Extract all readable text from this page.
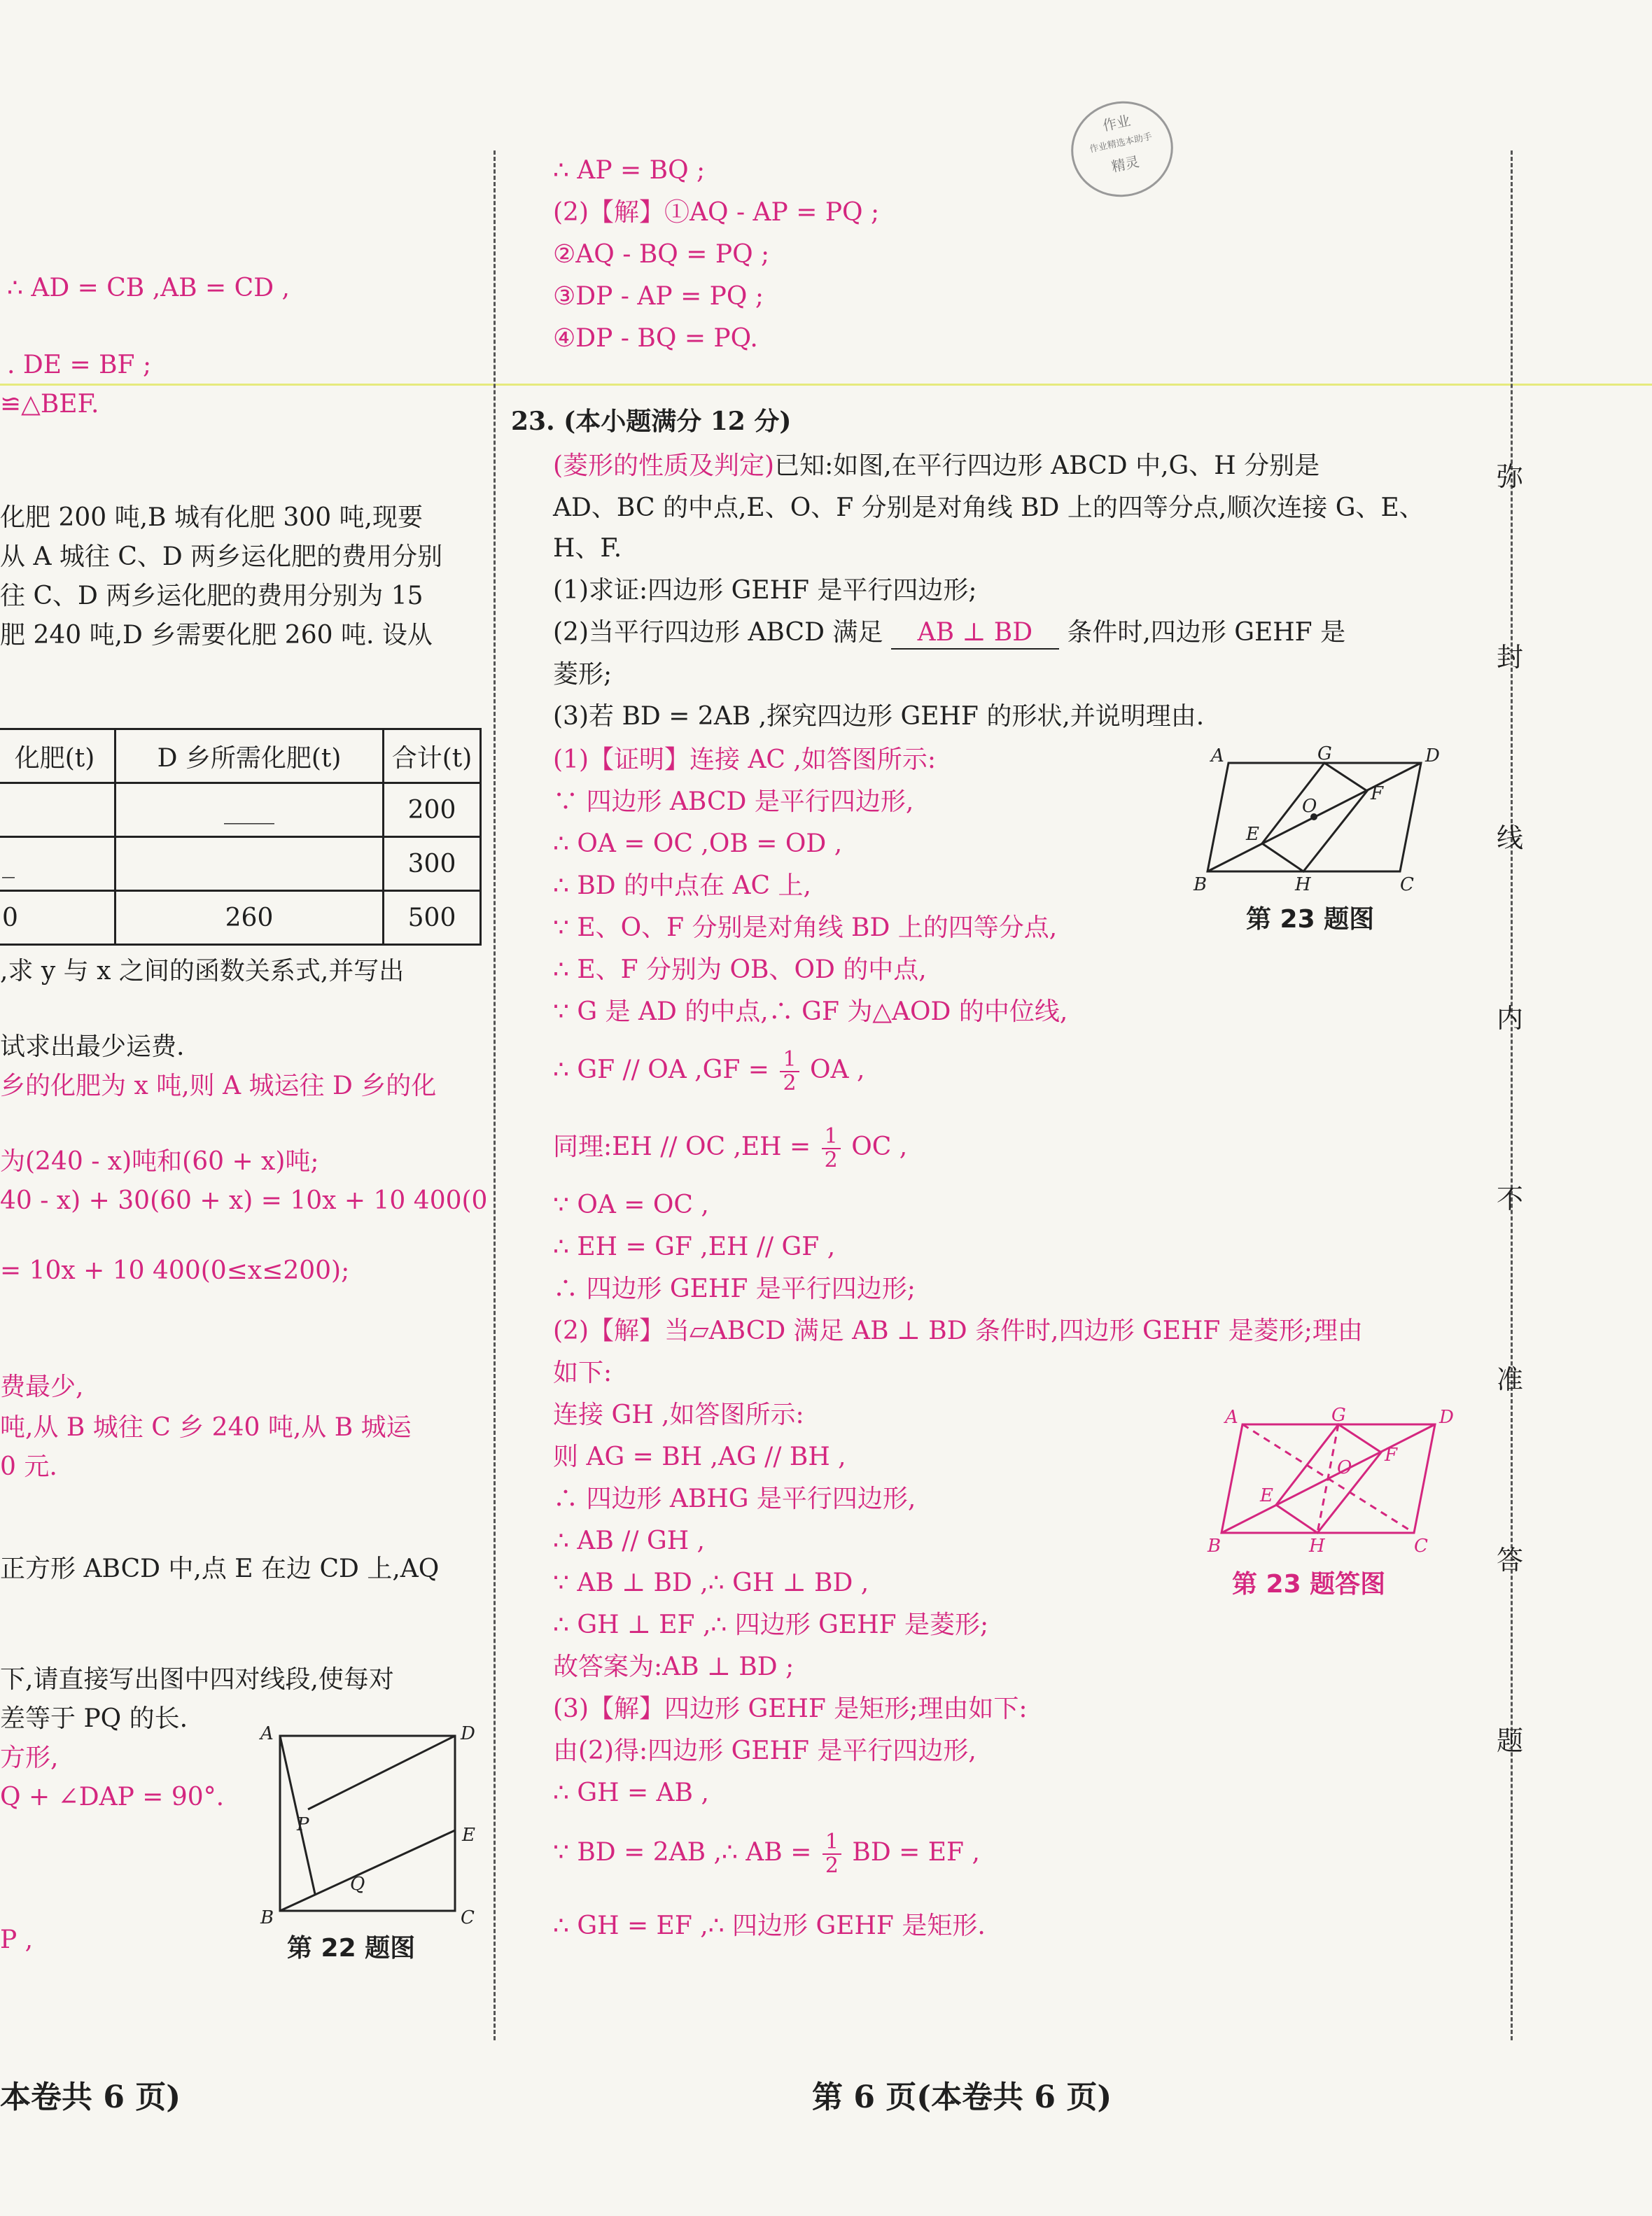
作业
作业精选本助手
精灵
∴ AD = CB ,AB = CD ,
. DE = BF ;
≌△BEF.
化肥 200 吨,B 城有化肥 300 吨,现要
从 A 城往 C、D 两乡运化肥的费用分别
往 C、D 两乡运化肥的费用分别为 15
肥 240 吨,D 乡需要化肥 260 吨. 设从
化肥(t)	D 乡所需化肥(t)	合计(t)
	____	200
_		300
0	260	500
,求 y 与 x 之间的函数关系式,并写出
试求出最少运费.
乡的化肥为 x 吨,则 A 城运往 D 乡的化
为(240 - x)吨和(60 + x)吨;
40 - x) + 30(60 + x) = 10x + 10 400(0
= 10x + 10 400(0≤x≤200);
费最少,
吨,从 B 城往 C 乡 240 吨,从 B 城运
0 元.
正方形 ABCD 中,点 E 在边 CD 上,AQ
下,请直接写出图中四对线段,使每对
差等于 PQ 的长.
方形,
Q + ∠DAP = 90°.
P ,
A	D
B	C
P
Q
E
第 22 题图
∴ AP = BQ ;
(2)【解】①AQ - AP = PQ ;
②AQ - BQ = PQ ;
③DP - AP = PQ ;
④DP - BQ = PQ.
23. (本小题满分 12 分)
(菱形的性质及判定)已知:如图,在平行四边形 ABCD 中,G、H 分别是
AD、BC 的中点,E、O、F 分别是对角线 BD 上的四等分点,顺次连接 G、E、
H、F.
(1)求证:四边形 GEHF 是平行四边形;
(2)当平行四边形 ABCD 满足 AB ⊥ BD 条件时,四边形 GEHF 是
菱形;
(3)若 BD = 2AB ,探究四边形 GEHF 的形状,并说明理由.
(1)【证明】连接 AC ,如答图所示:
∵ 四边形 ABCD 是平行四边形,
∴ OA = OC ,OB = OD ,
∴ BD 的中点在 AC 上,
∵ E、O、F 分别是对角线 BD 上的四等分点,
∴ E、F 分别为 OB、OD 的中点,
∵ G 是 AD 的中点,∴ GF 为△AOD 的中位线,
∴ GF // OA $,GF = \frac{1}{2}$ OA ,
同理:EH // OC $,EH = \frac{1}{2}$ OC ,
∵ OA = OC ,
∴ EH = GF ,EH // GF ,
∴ 四边形 GEHF 是平行四边形;
(2)【解】当▱ABCD 满足 AB ⊥ BD 条件时,四边形 GEHF 是菱形;理由
如下:
连接 GH ,如答图所示:
则 AG = BH ,AG // BH ,
∴ 四边形 ABHG 是平行四边形,
∴ AB // GH ,
∵ AB ⊥ BD ,∴ GH ⊥ BD ,
∴ GH ⊥ EF ,∴ 四边形 GEHF 是菱形;
故答案为:AB ⊥ BD ;
(3)【解】四边形 GEHF 是矩形;理由如下:
由(2)得:四边形 GEHF 是平行四边形,
∴ GH = AB ,
∵ BD = 2AB ,∴ AB = $\frac{1}{2}$ BD = EF ,
∴ GH = EF ,∴ 四边形 GEHF 是矩形.
A	G	D
O
F
E
B	H	C
第 23 题图
A	G	D
O
F
E
B	H	C
第 23 题答图
弥
封
线
内
不
准
答
题
本卷共 6 页)	第 6 页(本卷共 6 页)
